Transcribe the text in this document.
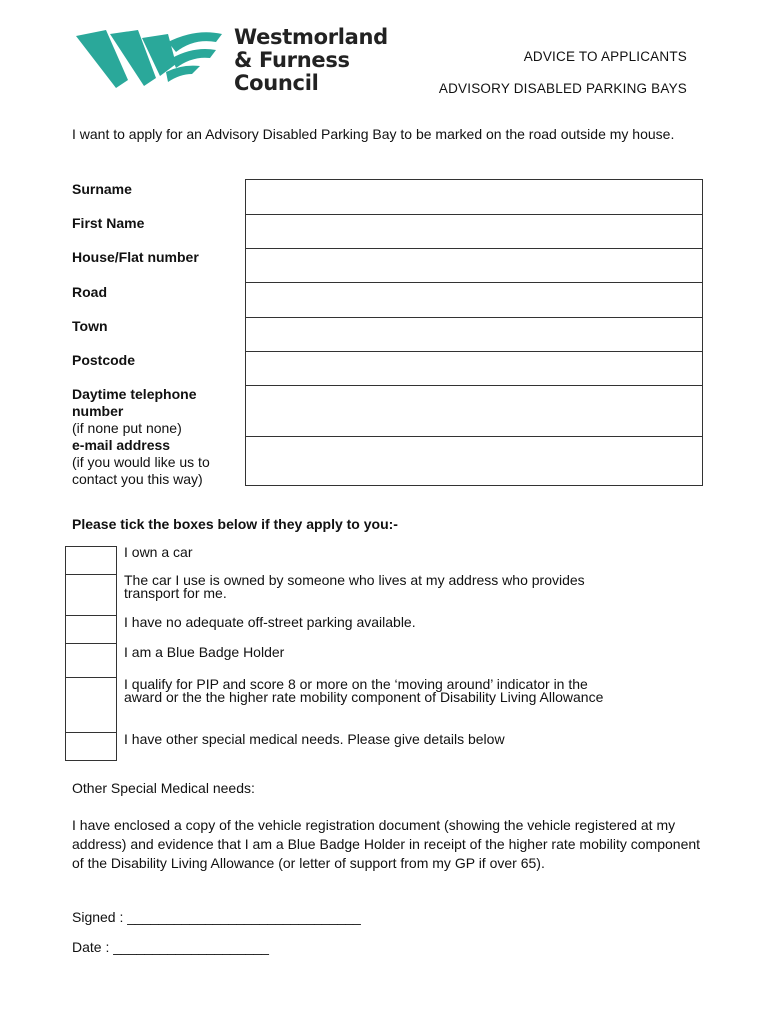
Westmorland
& Furness
Council
ADVICE TO APPLICANTS
ADVISORY DISABLED PARKING BAYS
I want to apply for an Advisory Disabled Parking Bay to be marked on the road outside my house.
Surname
First Name
House/Flat number
Road
Town
Postcode
Daytime telephone number
(if none put none)
e-mail address
(if you would like us to contact you this way)
Please tick the boxes below if they apply to you:-
I own a car
The car I use is owned by someone who lives at my address who provides transport for me.
I have no adequate off-street parking available.
I am a Blue Badge Holder
I qualify for PIP and score 8 or more on the ‘moving around’ indicator in the award or the the higher rate mobility component of Disability Living Allowance
I have other special medical needs. Please give details below
Other Special Medical needs:
I have enclosed a copy of the vehicle registration document (showing the vehicle registered at my address) and evidence that I am a Blue Badge Holder in receipt of the higher rate mobility component of the Disability Living Allowance (or letter of support from my GP if over 65).
Signed : ______________________________
Date : ____________________
